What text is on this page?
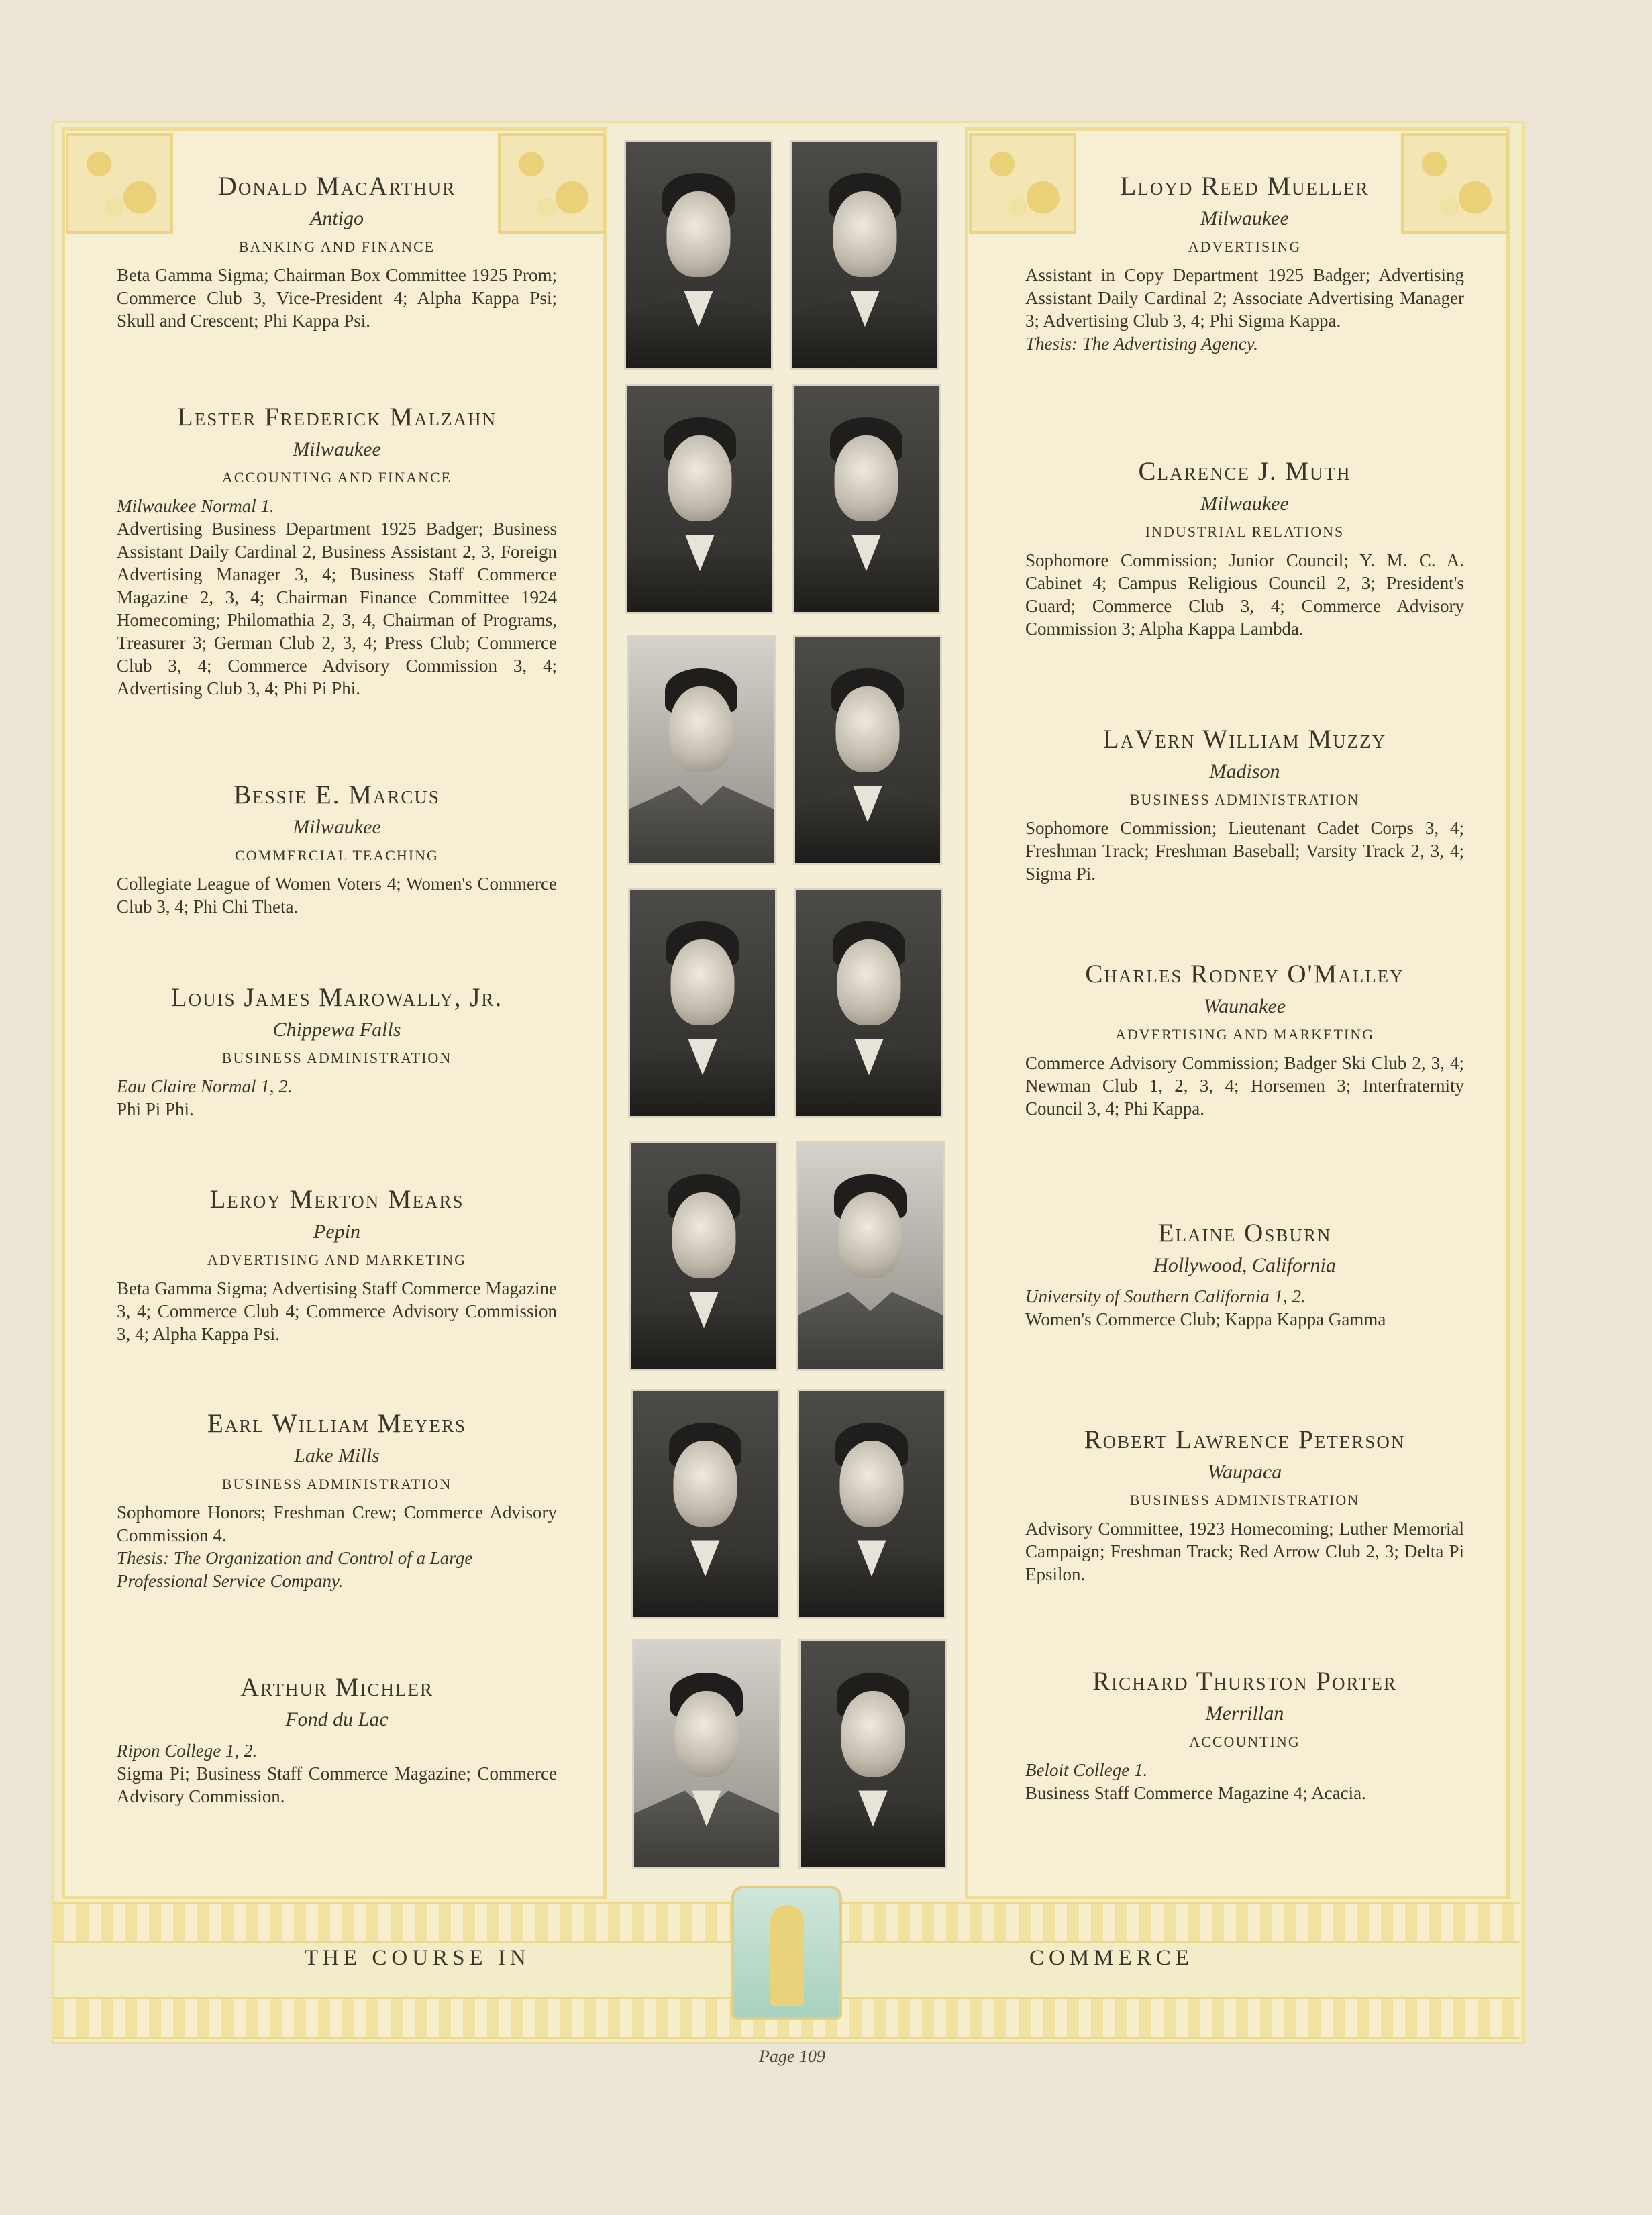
Donald MacArthur
Antigo
BANKING AND FINANCE
Beta Gamma Sigma; Chairman Box Committee 1925 Prom; Commerce Club 3, Vice-President 4; Alpha Kappa Psi; Skull and Crescent; Phi Kappa Psi.
Lester Frederick Malzahn
Milwaukee
ACCOUNTING AND FINANCE
Milwaukee Normal 1.
Advertising Business Department 1925 Badger; Business Assistant Daily Cardinal 2, Business Assistant 2, 3, Foreign Advertising Manager 3, 4; Business Staff Commerce Magazine 2, 3, 4; Chairman Finance Committee 1924 Homecoming; Philomathia 2, 3, 4, Chairman of Programs, Treasurer 3; German Club 2, 3, 4; Press Club; Commerce Club 3, 4; Commerce Advisory Commission 3, 4; Advertising Club 3, 4; Phi Pi Phi.
Bessie E. Marcus
Milwaukee
COMMERCIAL TEACHING
Collegiate League of Women Voters 4; Women's Commerce Club 3, 4; Phi Chi Theta.
Louis James Marowally, Jr.
Chippewa Falls
BUSINESS ADMINISTRATION
Eau Claire Normal 1, 2.
Phi Pi Phi.
Leroy Merton Mears
Pepin
ADVERTISING AND MARKETING
Beta Gamma Sigma; Advertising Staff Commerce Magazine 3, 4; Commerce Club 4; Commerce Advisory Commission 3, 4; Alpha Kappa Psi.
Earl William Meyers
Lake Mills
BUSINESS ADMINISTRATION
Sophomore Honors; Freshman Crew; Commerce Advisory Commission 4.
Thesis: The Organization and Control of a Large Professional Service Company.
Arthur Michler
Fond du Lac
Ripon College 1, 2.
Sigma Pi; Business Staff Commerce Magazine; Commerce Advisory Commission.
Lloyd Reed Mueller
Milwaukee
ADVERTISING
Assistant in Copy Department 1925 Badger; Advertising Assistant Daily Cardinal 2; Associate Advertising Manager 3; Advertising Club 3, 4; Phi Sigma Kappa.
Thesis: The Advertising Agency.
Clarence J. Muth
Milwaukee
INDUSTRIAL RELATIONS
Sophomore Commission; Junior Council; Y. M. C. A. Cabinet 4; Campus Religious Council 2, 3; President's Guard; Commerce Club 3, 4; Commerce Advisory Commission 3; Alpha Kappa Lambda.
LaVern William Muzzy
Madison
BUSINESS ADMINISTRATION
Sophomore Commission; Lieutenant Cadet Corps 3, 4; Freshman Track; Freshman Baseball; Varsity Track 2, 3, 4; Sigma Pi.
Charles Rodney O'Malley
Waunakee
ADVERTISING AND MARKETING
Commerce Advisory Commission; Badger Ski Club 2, 3, 4; Newman Club 1, 2, 3, 4; Horsemen 3; Interfraternity Council 3, 4; Phi Kappa.
Elaine Osburn
Hollywood, California
University of Southern California 1, 2.
Women's Commerce Club; Kappa Kappa Gamma
Robert Lawrence Peterson
Waupaca
BUSINESS ADMINISTRATION
Advisory Committee, 1923 Homecoming; Luther Memorial Campaign; Freshman Track; Red Arrow Club 2, 3; Delta Pi Epsilon.
Richard Thurston Porter
Merrillan
ACCOUNTING
Beloit College 1.
Business Staff Commerce Magazine 4; Acacia.
THE COURSE IN	COMMERCE
Page 109
